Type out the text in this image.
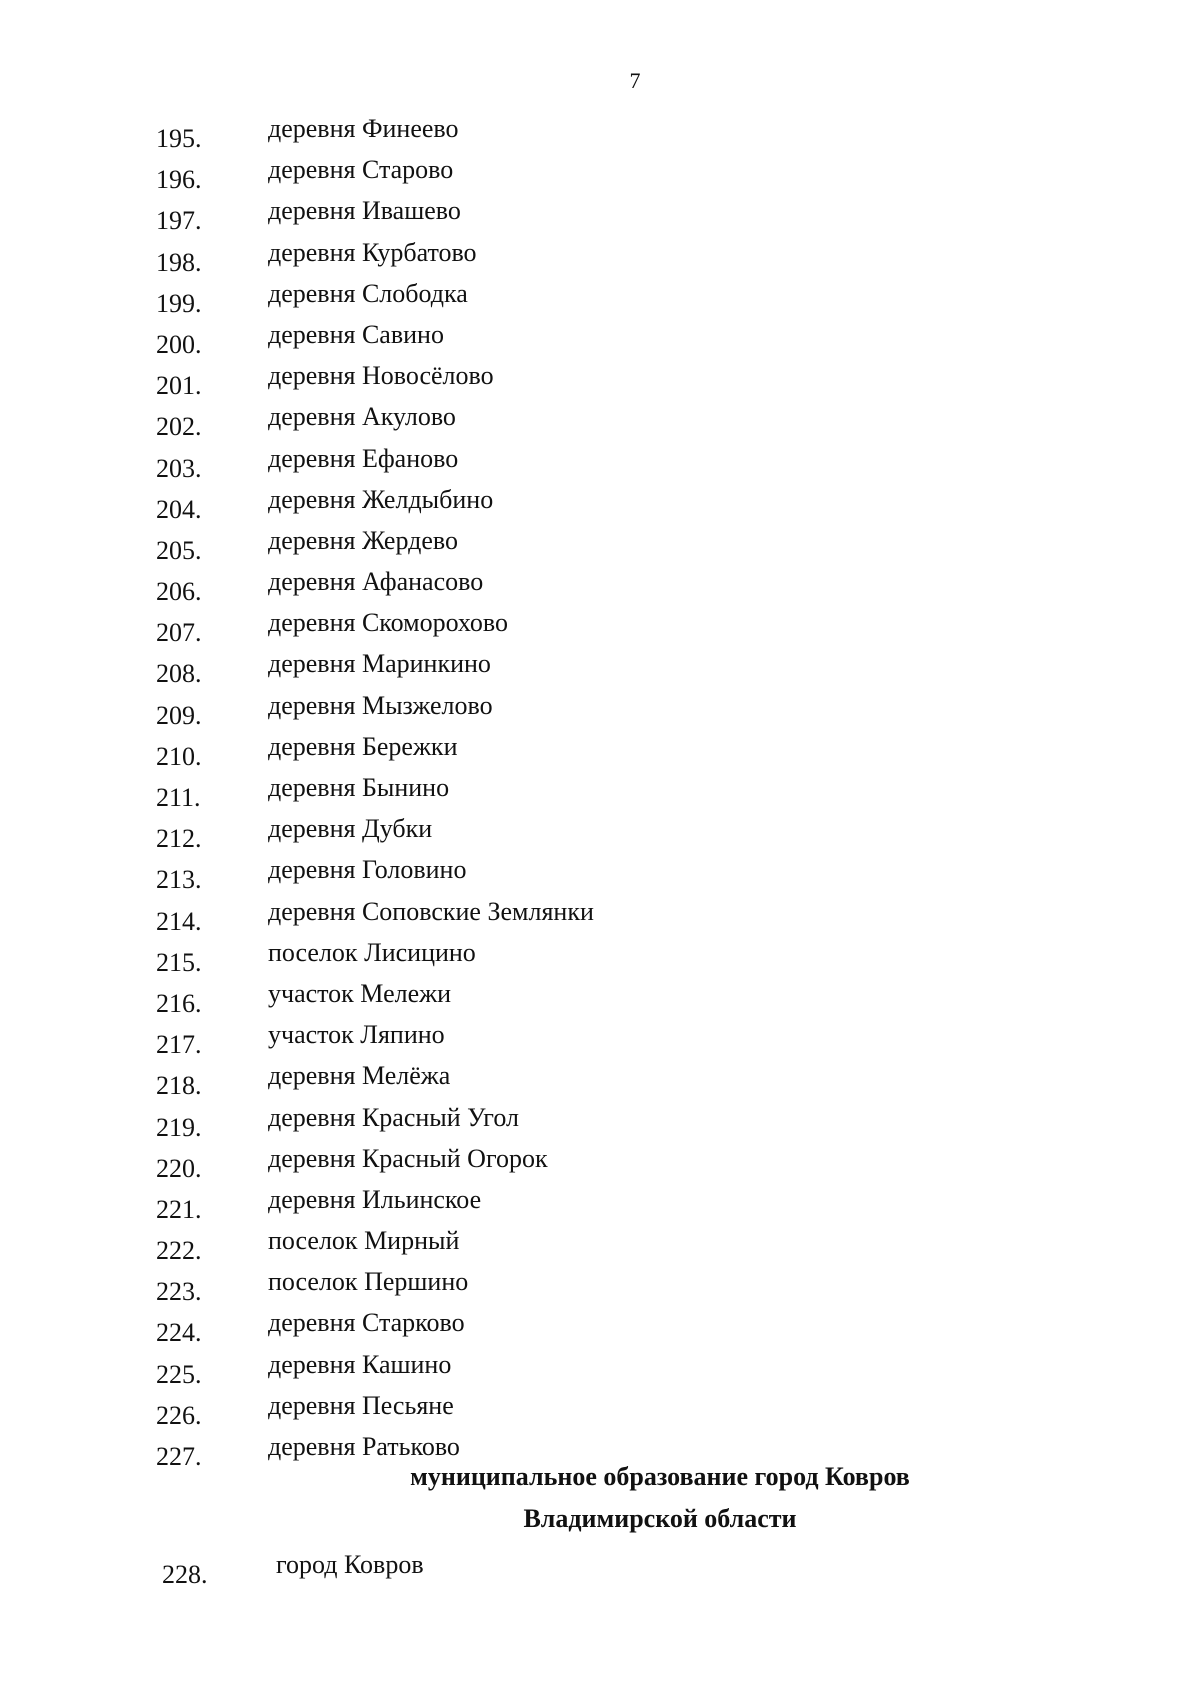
7
195.	деревня Финеево
196.	деревня Старово
197.	деревня Ивашево
198.	деревня Курбатово
199.	деревня Слободка
200.	деревня Савино
201.	деревня Новосёлово
202.	деревня Акулово
203.	деревня Ефаново
204.	деревня Желдыбино
205.	деревня Жердево
206.	деревня Афанасово
207.	деревня Скоморохово
208.	деревня Маринкино
209.	деревня Мызжелово
210.	деревня Бережки
211.	деревня Бынино
212.	деревня Дубки
213.	деревня Головино
214.	деревня Соповские Землянки
215.	поселок Лисицино
216.	участок Мележи
217.	участок Ляпино
218.	деревня Мелёжа
219.	деревня Красный Угол
220.	деревня Красный Огорок
221.	деревня Ильинское
222.	поселок Мирный
223.	поселок Першино
224.	деревня Старково
225.	деревня Кашино
226.	деревня Песьяне
227.	деревня Ратьково
муниципальное образование город Ковров
Владимирской области
228.	город Ковров
